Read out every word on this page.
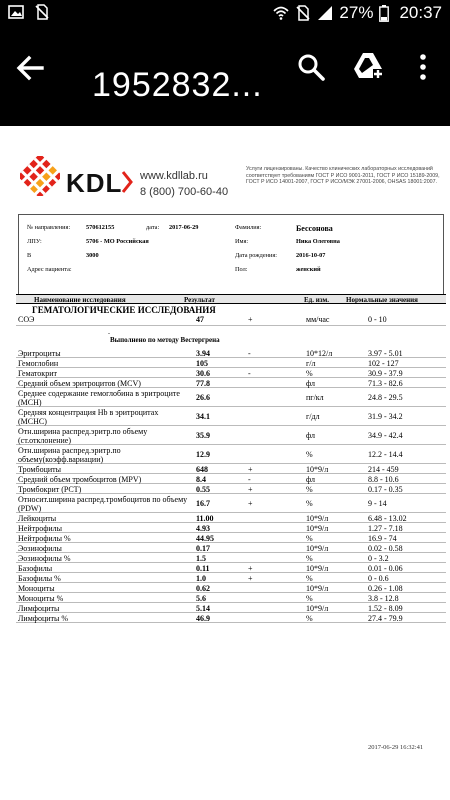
27% 20:37
1952832...
KDL www.kdllab.ru
8 (800) 700-60-40
Услуги лицензированы. Качество клинических лабораторных исследований соответствует требованиям ГОСТ Р ИСО 9001-2011, ГОСТ Р ИСО 15189-2009, ГОСТ Р ИСО 14001-2007, ГОСТ Р ИСО/МЭК 27001-2006, OHSAS 18001:2007.
№ направления:	570612155	дата: 2017-06-29	Фамилия:	Бессонова
ЛПУ:	5706 - МО Российская	Имя:	Ника Олеговна
В	3000	Дата рождения:	2016-10-07
Адрес пациента:	Пол:	женский
Наименование исследования	Результат	Ед. изм. Нормальные значения
ГЕМАТОЛОГИЧЕСКИЕ ИССЛЕДОВАНИЯ
СОЭ	47	+	мм/час	0 - 10
.
Выполнено по методу Вестергрена
Эритроциты	3.94	-	10*12/л	3.97 - 5.01
Гемоглобин	105	г/л	102 - 127
Гематокрит	30.6	-	%	30.9 - 37.9
Средний объем эритроцитов (MCV)	77.8	фл	71.3 - 82.6
Среднее содержание гемоглобина в эритроците (MCH)
26.6	пг/кл	24.8 - 29.5
Средняя концентрация Hb в эритроцитах (MCHC)
34.1	г/дл	31.9 - 34.2
Отн.ширина распред.эритр.по объему (ст.отклонение)
35.9	фл	34.9 - 42.4
Отн.ширина распред.эритр.по объему(коэфф.вариации)
12.9	%	12.2 - 14.4
Тромбоциты	648	+	10*9/л	214 - 459
Средний объем тромбоцитов (MPV)	8.4	-	фл	8.8 - 10.6
Тромбокрит (PCT)	0.55	+	%	0.17 - 0.35
Относит.ширина распред.тромбоцитов по объему (PDW)
16.7	+	%	9 - 14
Лейкоциты	11.00	10*9/л	6.48 - 13.02
Нейтрофилы	4.93	10*9/л	1.27 - 7.18
Нейтрофилы %	44.95	%	16.9 - 74
Эозинофилы	0.17	10*9/л	0.02 - 0.58
Эозинофилы %	1.5	%	0 - 3.2
Базофилы	0.11	+	10*9/л	0.01 - 0.06
Базофилы %	1.0	+	%	0 - 0.6
Моноциты	0.62	10*9/л	0.26 - 1.08
Моноциты %	5.6	%	3.8 - 12.8
Лимфоциты	5.14	10*9/л	1.52 - 8.09
Лимфоциты %	46.9	%	27.4 - 79.9
2017-06-29 16:32:41
